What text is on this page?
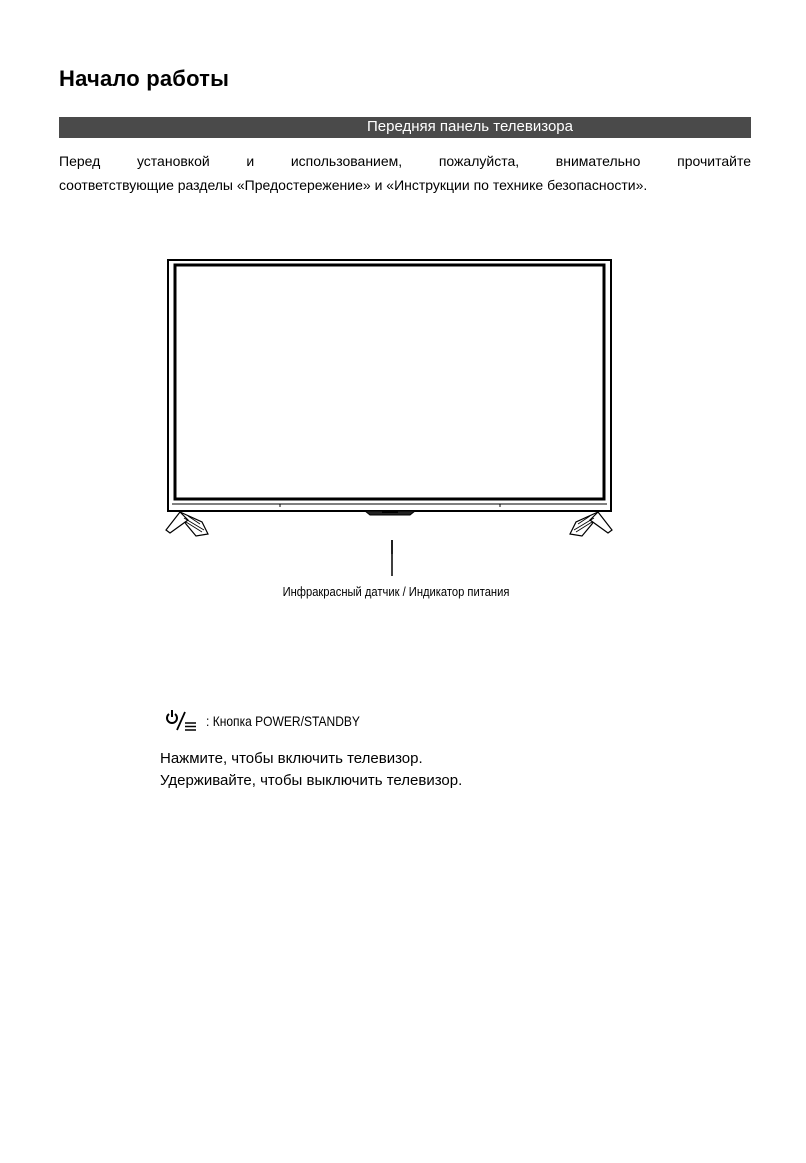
Начало работы
Передняя панель телевизора
Перед установкой и использованием, пожалуйста, внимательно прочитайте
соответствующие разделы «Предостережение» и «Инструкции по технике безопасности».
Инфракрасный датчик / Индикатор питания
: Кнопка POWER/STANDBY
Нажмите, чтобы включить телевизор.
Удерживайте, чтобы выключить телевизор.
